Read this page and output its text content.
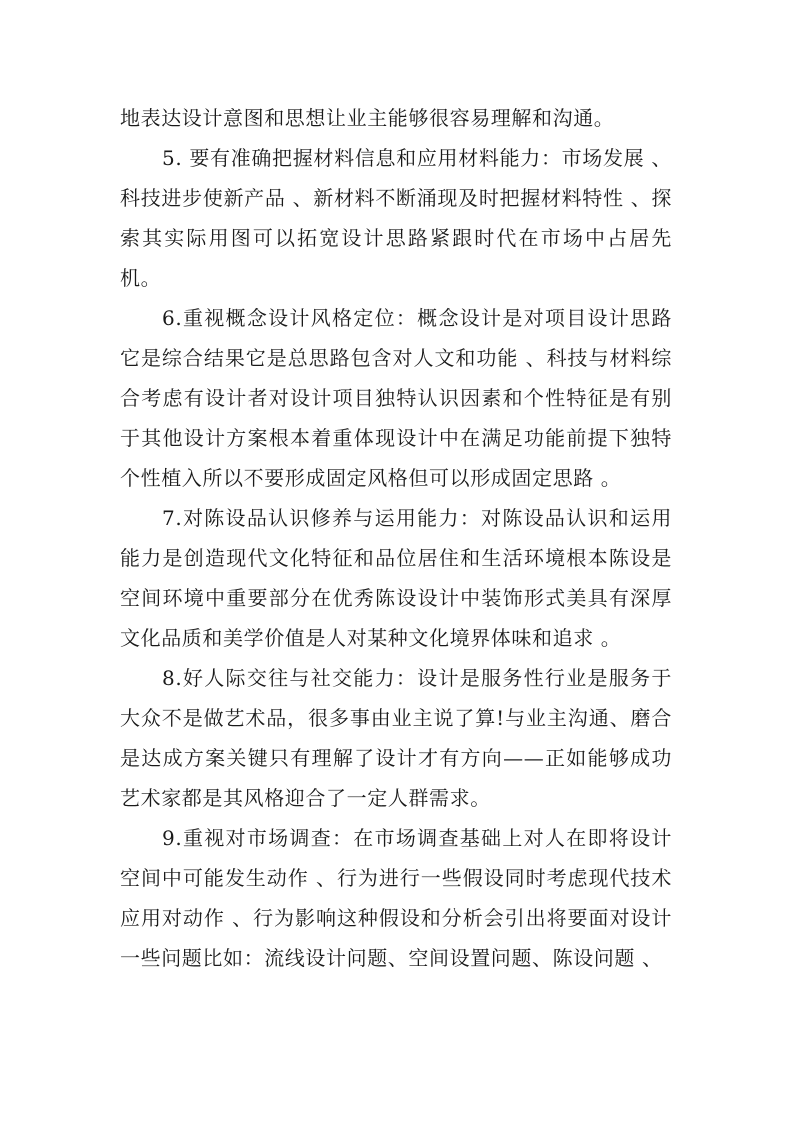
地表达设计意图和思想让业主能够很容易理解和沟通。

5. 要有准确把握材料信息和应用材料能力：市场发展 、科技进步使新产品 、新材料不断涌现及时把握材料特性 、探索其实际用图可以拓宽设计思路紧跟时代在市场中占居先机。

6.重视概念设计风格定位：概念设计是对项目设计思路它是综合结果它是总思路包含对人文和功能 、科技与材料综合考虑有设计者对设计项目独特认识因素和个性特征是有别于其他设计方案根本着重体现设计中在满足功能前提下独特个性植入所以不要形成固定风格但可以形成固定思路 。

7.对陈设品认识修养与运用能力：对陈设品认识和运用能力是创造现代文化特征和品位居住和生活环境根本陈设是空间环境中重要部分在优秀陈设设计中装饰形式美具有深厚文化品质和美学价值是人对某种文化境界体味和追求 。

8.好人际交往与社交能力：设计是服务性行业是服务于大众不是做艺术品，很多事由业主说了算!与业主沟通、磨合是达成方案关键只有理解了设计才有方向——正如能够成功艺术家都是其风格迎合了一定人群需求。

9.重视对市场调查：在市场调查基础上对人在即将设计空间中可能发生动作 、行为进行一些假设同时考虑现代技术应用对动作 、行为影响这种假设和分析会引出将要面对设计一些问题比如：流线设计问题、空间设置问题、陈设问题 、
